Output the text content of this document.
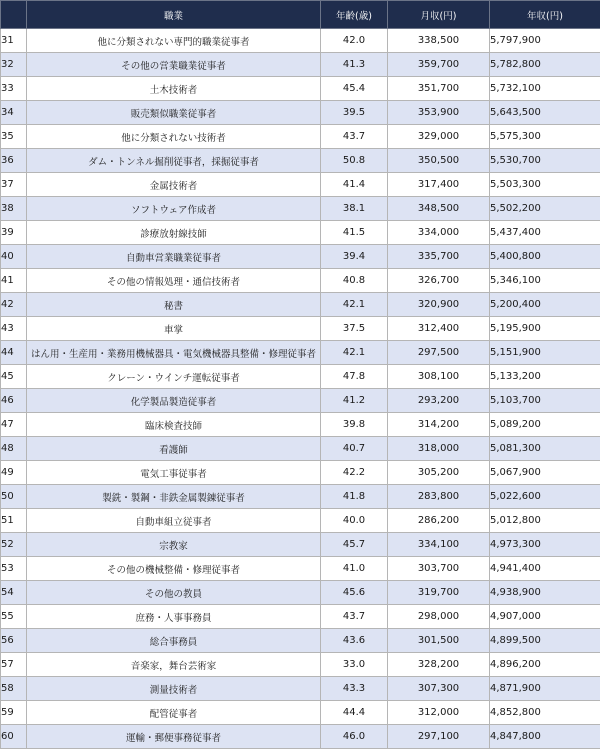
	職業	年齢(歳)	月収(円)	年収(円)
31	他に分類されない専門的職業従事者	42.0	338,500	5,797,900
32	その他の営業職業従事者	41.3	359,700	5,782,800
33	土木技術者	45.4	351,700	5,732,100
34	販売類似職業従事者	39.5	353,900	5,643,500
35	他に分類されない技術者	43.7	329,000	5,575,300
36	ダム・トンネル掘削従事者，採掘従事者	50.8	350,500	5,530,700
37	金属技術者	41.4	317,400	5,503,300
38	ソフトウェア作成者	38.1	348,500	5,502,200
39	診療放射線技師	41.5	334,000	5,437,400
40	自動車営業職業従事者	39.4	335,700	5,400,800
41	その他の情報処理・通信技術者	40.8	326,700	5,346,100
42	秘書	42.1	320,900	5,200,400
43	車掌	37.5	312,400	5,195,900
44	はん用・生産用・業務用機械器具・電気機械器具整備・修理従事者	42.1	297,500	5,151,900
45	クレーン・ウインチ運転従事者	47.8	308,100	5,133,200
46	化学製品製造従事者	41.2	293,200	5,103,700
47	臨床検査技師	39.8	314,200	5,089,200
48	看護師	40.7	318,000	5,081,300
49	電気工事従事者	42.2	305,200	5,067,900
50	製銑・製鋼・非鉄金属製錬従事者	41.8	283,800	5,022,600
51	自動車組立従事者	40.0	286,200	5,012,800
52	宗教家	45.7	334,100	4,973,300
53	その他の機械整備・修理従事者	41.0	303,700	4,941,400
54	その他の教員	45.6	319,700	4,938,900
55	庶務・人事事務員	43.7	298,000	4,907,000
56	総合事務員	43.6	301,500	4,899,500
57	音楽家，舞台芸術家	33.0	328,200	4,896,200
58	測量技術者	43.3	307,300	4,871,900
59	配管従事者	44.4	312,000	4,852,800
60	運輸・郵便事務従事者	46.0	297,100	4,847,800
